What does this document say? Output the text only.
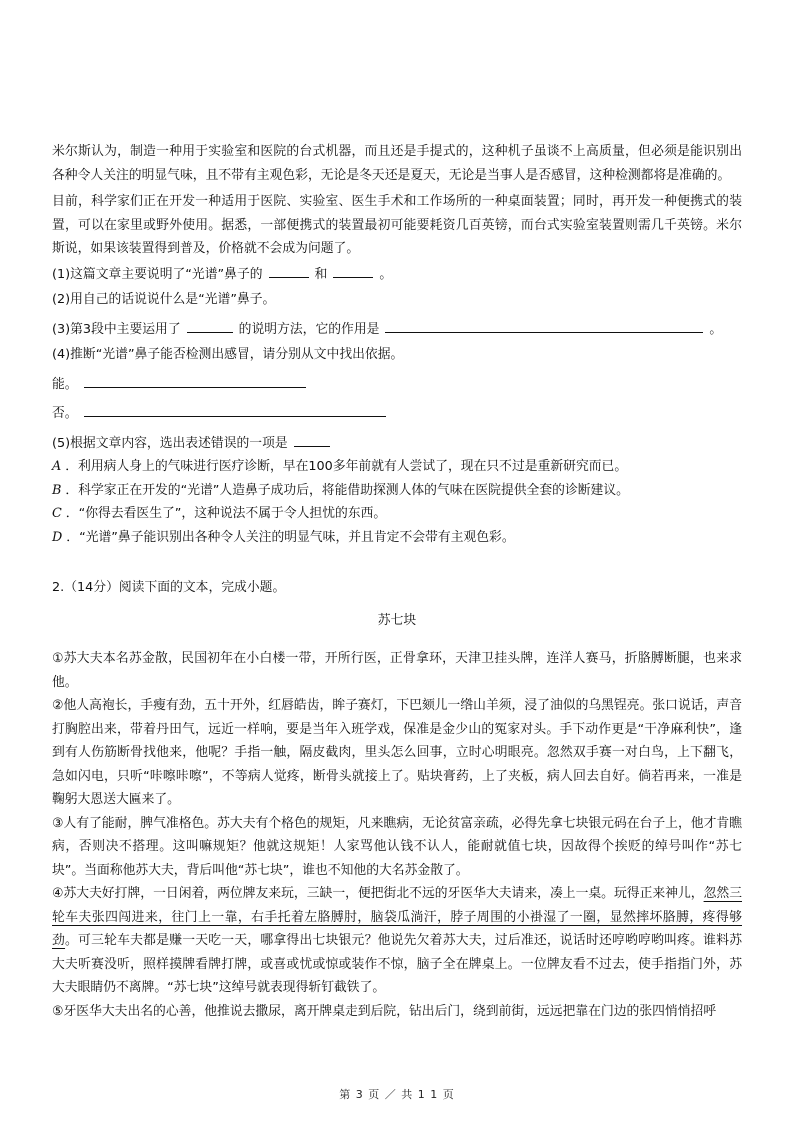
米尔斯认为，制造一种用于实验室和医院的台式机器，而且还是手提式的，这种机子虽谈不上高质量，但必须是能识别出各种令人关注的明显气味，且不带有主观色彩，无论是冬天还是夏天，无论是当事人是否感冒，这种检测都将是准确的。

目前，科学家们正在开发一种适用于医院、实验室、医生手术和工作场所的一种桌面装置；同时，再开发一种便携式的装置，可以在家里或野外使用。据悉，一部便携式的装置最初可能要耗资几百英镑，而台式实验室装置则需几千英镑。米尔斯说，如果该装置得到普及，价格就不会成为问题了。

(1)这篇文章主要说明了“光谱”鼻子的	和	。

(2)用自己的话说说什么是“光谱”鼻子。

(3)第3段中主要运用了	的说明方法，它的作用是	。

(4)推断“光谱”鼻子能否检测出感冒，请分别从文中找出依据。

能。
否。
(5)根据文章内容，选出表述错误的一项是

A ．利用病人身上的气味进行医疗诊断，早在100多年前就有人尝试了，现在只不过是重新研究而已。

B ．科学家正在开发的“光谱”人造鼻子成功后，将能借助探测人体的气味在医院提供全套的诊断建议。

C ．“你得去看医生了”，这种说法不属于令人担忧的东西。

D ．“光谱”鼻子能识别出各种令人关注的明显气味，并且肯定不会带有主观色彩。

2.（14分）阅读下面的文本，完成小题。

苏七块

①苏大夫本名苏金散，民国初年在小白楼一带，开所行医，正骨拿环，天津卫挂头牌，连洋人赛马，折胳膊断腿，也来求他。

②他人高袍长，手瘦有劲，五十开外，红唇皓齿，眸子赛灯，下巴颏儿一绺山羊须，浸了油似的乌黑锃亮。张口说话，声音打胸腔出来，带着丹田气，远近一样响，要是当年入班学戏，保准是金少山的冤家对头。手下动作更是“干净麻利快”，逢到有人伤筋断骨找他来，他呢？手指一触，隔皮截肉，里头怎么回事，立时心明眼亮。忽然双手赛一对白鸟，上下翻飞，急如闪电，只听“咔嚓咔嚓”，不等病人觉疼，断骨头就接上了。贴块膏药，上了夹板，病人回去自好。倘若再来，一准是鞠躬大恩送大匾来了。

③人有了能耐，脾气准格色。苏大夫有个格色的规矩，凡来瞧病，无论贫富亲疏，必得先拿七块银元码在台子上，他才肯瞧病，否则决不搭理。这叫嘛规矩？他就这规矩！人家骂他认钱不认人，能耐就值七块，因故得个挨贬的绰号叫作“苏七块”。当面称他苏大夫，背后叫他“苏七块”，谁也不知他的大名苏金散了。

④苏大夫好打牌，一日闲着，两位牌友来玩，三缺一，便把街北不远的牙医华大夫请来，凑上一桌。玩得正来神儿，忽然三轮车夫张四闯进来，往门上一靠，右手托着左胳膊肘，脑袋瓜淌汗，脖子周围的小褂湿了一圈，显然摔坏胳膊，疼得够劲。可三轮车夫都是赚一天吃一天，哪拿得出七块银元？他说先欠着苏大夫，过后准还，说话时还哼哟哼哟叫疼。谁料苏大夫听赛没听，照样摸牌看牌打牌，或喜或忧或惊或装作不惊，脑子全在牌桌上。一位牌友看不过去，使手指指门外，苏大夫眼睛仍不离牌。“苏七块”这绰号就表现得斩钉截铁了。

⑤牙医华大夫出名的心善，他推说去撒尿，离开牌桌走到后院，钻出后门，绕到前街，远远把靠在门边的张四悄悄招呼

第 3 页 ／ 共 1 1 页
